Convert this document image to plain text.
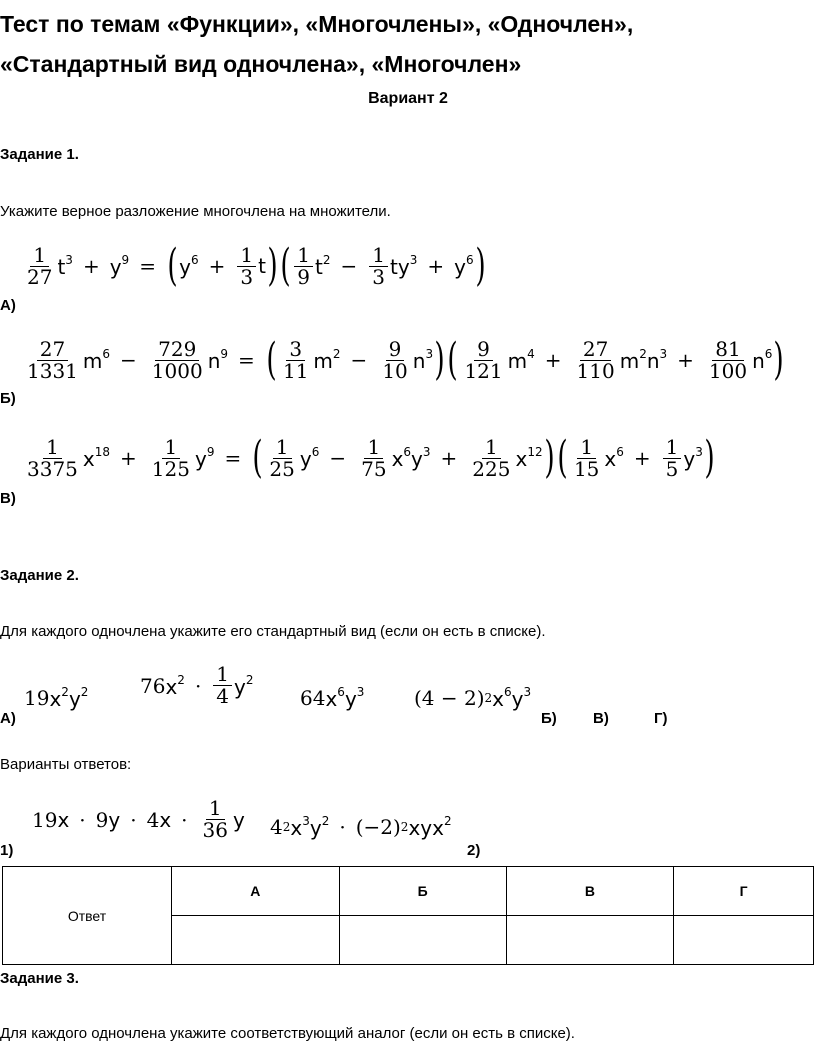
Тест по темам «Функции», «Многочлены», «Одночлен»,
«Стандартный вид одночлена», «Многочлен»
Вариант 2
Задание 1.
Укажите верное разложение многочлена на множители.
$\frac{1}{27} t^3 + y^9$ = ( $y^6 + \frac{1}{3}$ t ) ( $\frac{1}{9} t^2 - \frac{1}{3} ty^3 + y^6$ )
А)
$\frac{27}{1331} m^6 - \frac{729}{1000} n^9$ = ( $\frac{3}{11} m^2 - \frac{9}{10} n^3$ ) ( $\frac{9}{121} m^4 + \frac{27}{110} m^2n^3 + \frac{81}{100} n^6$ )
Б)
$\frac{1}{3375} x^{18} + \frac{1}{125} y^9$ = ( $\frac{1}{25} y^6 - \frac{1}{75} x^6y^3 + \frac{1}{225} x^{12}$ ) ( $\frac{1}{15} x^6 + \frac{1}{5} y^3$ )
В)
Задание 2.
Для каждого одночлена укажите его стандартный вид (если он есть в списке).
19 $x^2y^2$	76 $x^2 \cdot \frac{1}{4} y^2$
64 $x^6y^3$ (4 − 2) 2 $x^6y^3$
А)	Б) В)	Г)
Варианты ответов:
19 x · 9 y · 4 $x \cdot \frac{1}{36}$ y 4 2 $x^3y^2 \cdot (-2)$ 2 xyx$^2$
1)	2)
Ответ	А	Б	В	Г

Задание 3.
Для каждого одночлена укажите соответствующий аналог (если он есть в списке).
